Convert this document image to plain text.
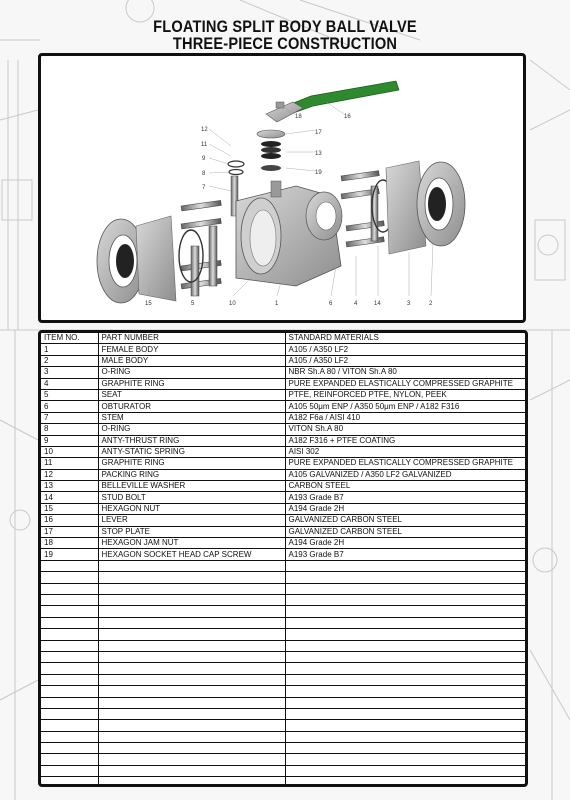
FLOATING SPLIT BODY BALL VALVE
THREE-PIECE CONSTRUCTION
12
11
9
8
7
18	16
17
13
19
15	5	10	1	6	4	14	3	2
ITEM NO.	PART NUMBER	STANDARD MATERIALS
1	FEMALE BODY	A105 / A350 LF2
2	MALE BODY	A105 / A350 LF2
3	O-RING	NBR Sh.A 80 / VITON Sh.A 80
4	GRAPHITE RING	PURE EXPANDED ELASTICALLY COMPRESSED GRAPHITE
5	SEAT	PTFE, REINFORCED PTFE, NYLON, PEEK
6	OBTURATOR	A105 50μm ENP / A350 50μm ENP / A182 F316
7	STEM	A182 F6a / AISI 410
8	O-RING	VITON Sh.A 80
9	ANTY-THRUST RING	A182 F316 + PTFE COATING
10	ANTY-STATIC SPRING	AISI 302
11	GRAPHITE RING	PURE EXPANDED ELASTICALLY COMPRESSED GRAPHITE
12	PACKING RING	A105 GALVANIZED / A350 LF2 GALVANIZED
13	BELLEVILLE WASHER	CARBON STEEL
14	STUD BOLT	A193 Grade B7
15	HEXAGON NUT	A194 Grade 2H
16	LEVER	GALVANIZED CARBON STEEL
17	STOP PLATE	GALVANIZED CARBON STEEL
18	HEXAGON JAM NUT	A194 Grade 2H
19	HEXAGON SOCKET HEAD CAP SCREW	A193 Grade B7
